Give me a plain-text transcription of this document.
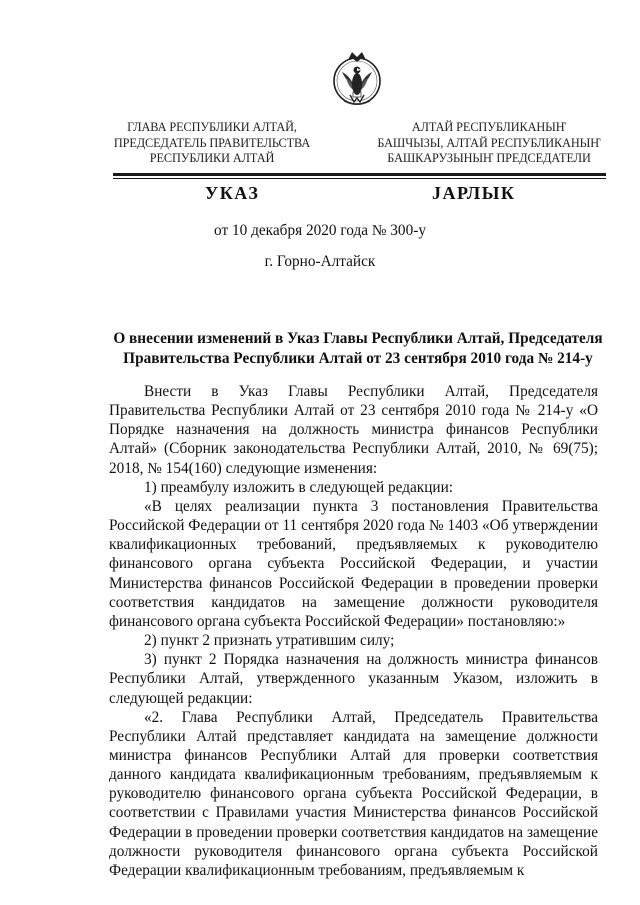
ГЛАВА РЕСПУБЛИКИ АЛТАЙ,
ПРЕДСЕДАТЕЛЬ ПРАВИТЕЛЬСТВА
РЕСПУБЛИКИ АЛТАЙ
АЛТАЙ РЕСПУБЛИКАНЫҤ
БАШЧЫЗЫ, АЛТАЙ РЕСПУБЛИКАНЫҤ
БАШКАРУЗЫНЫҤ ПРЕДСЕДАТЕЛИ
УКАЗ	JАРЛЫК
от 10 декабря 2020 года № 300-у
г. Горно-Алтайск
О внесении изменений в Указ Главы Республики Алтай, Председателя Правительства Республики Алтай от 23 сентября 2010 года № 214-у

Внести в Указ Главы Республики Алтай, Председателя Правительства Республики Алтай от 23 сентября 2010 года № 214-у «О Порядке назначения на должность министра финансов Республики Алтай» (Сборник законодательства Республики Алтай, 2010, № 69(75); 2018, № 154(160) следующие изменения:

1) преамбулу изложить в следующей редакции:

«В целях реализации пункта 3 постановления Правительства Российской Федерации от 11 сентября 2020 года № 1403 «Об утверждении квалификационных требований, предъявляемых к руководителю финансового органа субъекта Российской Федерации, и участии Министерства финансов Российской Федерации в проведении проверки соответствия кандидатов на замещение должности руководителя финансового органа субъекта Российской Федерации» постановляю:»

2) пункт 2 признать утратившим силу;

3) пункт 2 Порядка назначения на должность министра финансов Республики Алтай, утвержденного указанным Указом, изложить в следующей редакции:

«2. Глава Республики Алтай, Председатель Правительства Республики Алтай представляет кандидата на замещение должности министра финансов Республики Алтай для проверки соответствия данного кандидата квалификационным требованиям, предъявляемым к руководителю финансового органа субъекта Российской Федерации, в соответствии с Правилами участия Министерства финансов Российской Федерации в проведении проверки соответствия кандидатов на замещение должности руководителя финансового органа субъекта Российской Федерации квалификационным требованиям, предъявляемым к
